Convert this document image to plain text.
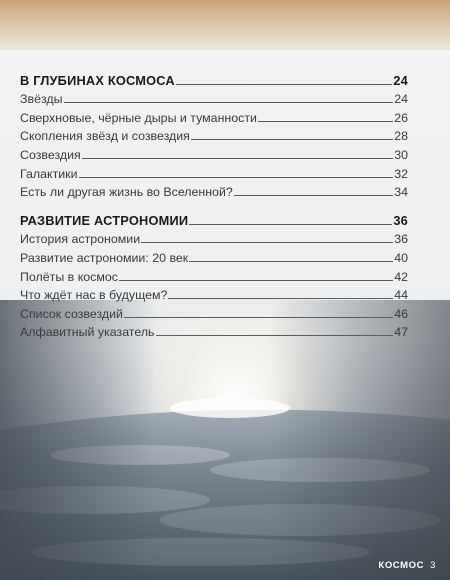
В ГЛУБИНАХ КОСМОСА	24
Звёзды	24
Сверхновые, чёрные дыры и туманности	26
Скопления звёзд и созвездия	28
Созвездия	30
Галактики	32
Есть ли другая жизнь во Вселенной?	34
РАЗВИТИЕ АСТРОНОМИИ	36
История астрономии	36
Развитие астрономии: 20 век	40
Полёты в космос	42
Что ждёт нас в будущем?	44
Список созвездий	46
Алфавитный указатель	47
КОСМОС 3
